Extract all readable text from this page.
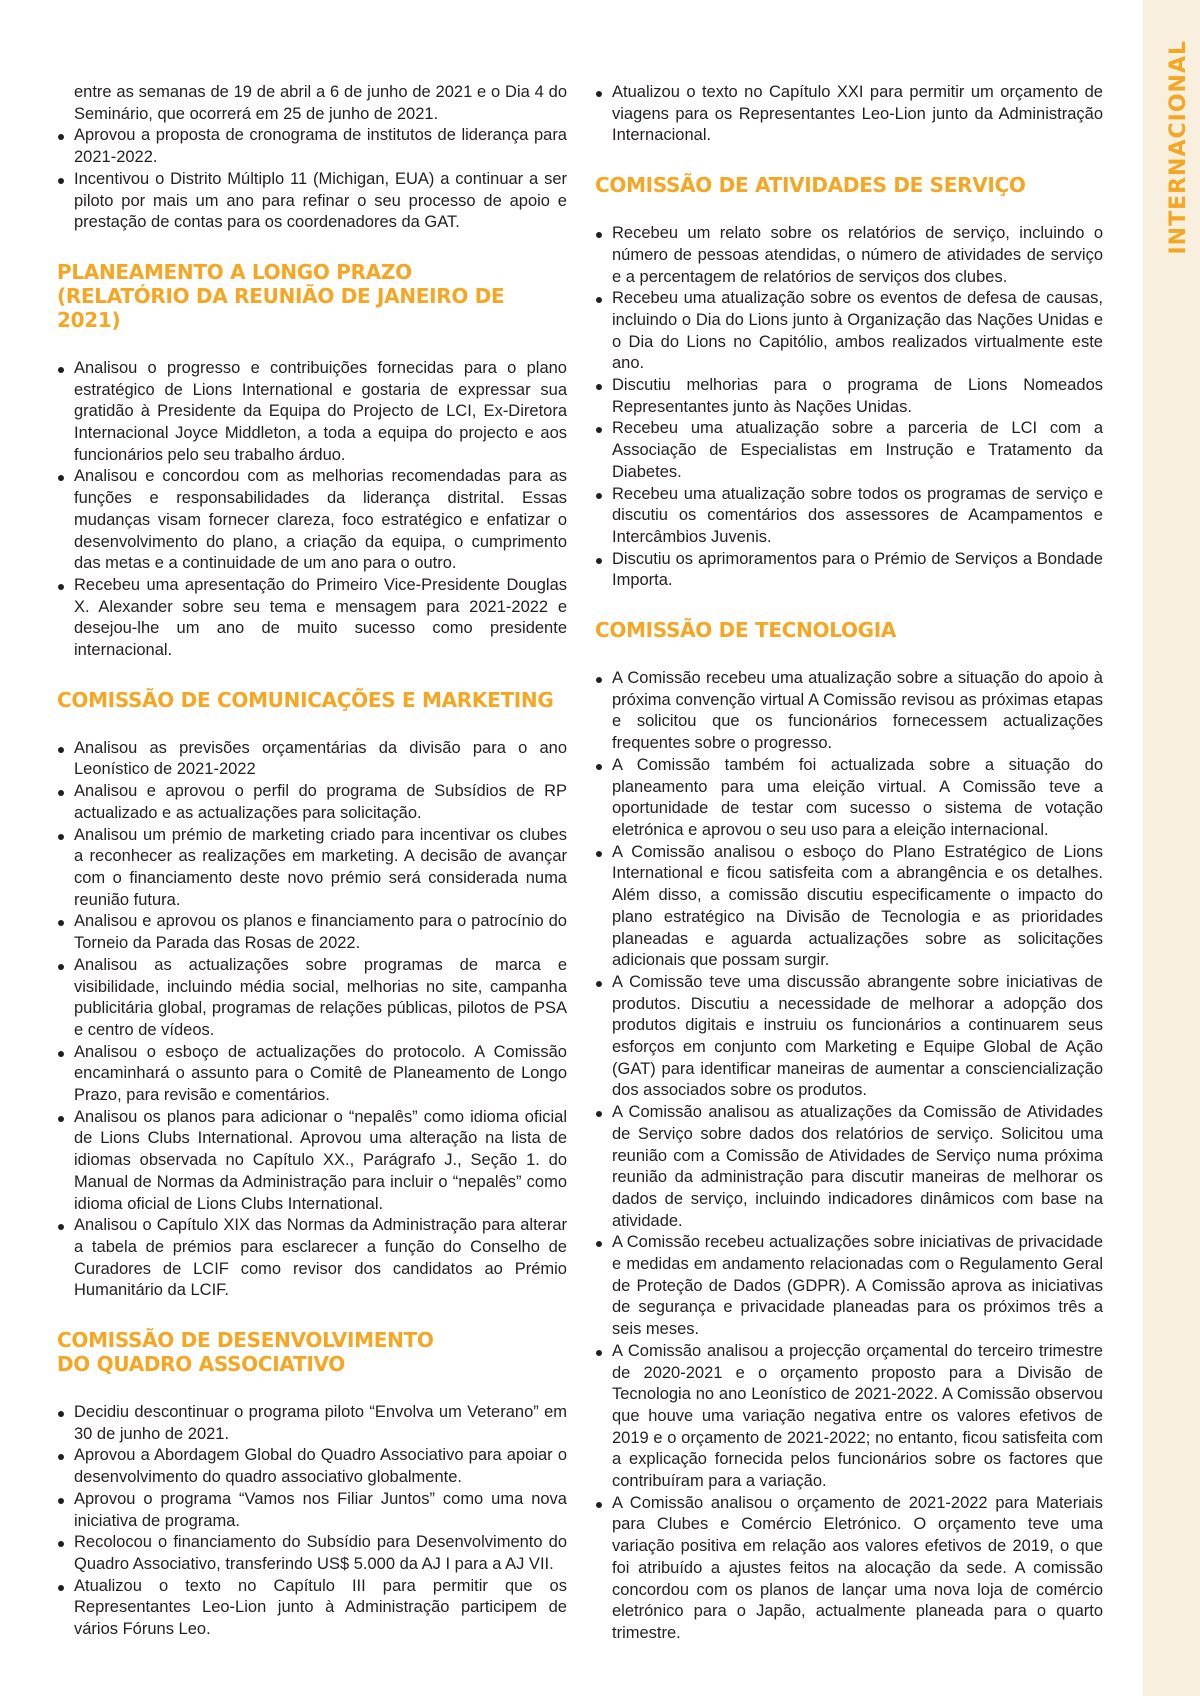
INTERNACIONAL

entre as semanas de 19 de abril a 6 de junho de 2021 e o Dia 4 do Seminário, que ocorrerá em 25 de junho de 2021.

Aprovou a proposta de cronograma de institutos de liderança para 2021-2022.
Incentivou o Distrito Múltiplo 11 (Michigan, EUA) a continuar a ser piloto por mais um ano para refinar o seu processo de apoio e prestação de contas para os coordenadores da GAT.
PLANEAMENTO A LONGO PRAZO
(RELATÓRIO DA REUNIÃO DE JANEIRO DE 2021)
Analisou o progresso e contribuições fornecidas para o plano estratégico de Lions International e gostaria de expressar sua gratidão à Presidente da Equipa do Projecto de LCI, Ex-Diretora Internacional Joyce Middleton, a toda a equipa do projecto e aos funcionários pelo seu trabalho árduo.
Analisou e concordou com as melhorias recomendadas para as funções e responsabilidades da liderança distrital. Essas mudanças visam fornecer clareza, foco estratégico e enfatizar o desenvolvimento do plano, a criação da equipa, o cumprimento das metas e a continuidade de um ano para o outro.
Recebeu uma apresentação do Primeiro Vice-Presidente Douglas X. Alexander sobre seu tema e mensagem para 2021-2022 e desejou-lhe um ano de muito sucesso como presidente internacional.
COMISSÃO DE COMUNICAÇÕES E MARKETING
Analisou as previsões orçamentárias da divisão para o ano Leonístico de 2021-2022
Analisou e aprovou o perfil do programa de Subsídios de RP actualizado e as actualizações para solicitação.
Analisou um prémio de marketing criado para incentivar os clubes a reconhecer as realizações em marketing. A decisão de avançar com o financiamento deste novo prémio será considerada numa reunião futura.
Analisou e aprovou os planos e financiamento para o patrocínio do Torneio da Parada das Rosas de 2022.
Analisou as actualizações sobre programas de marca e visibilidade, incluindo média social, melhorias no site, campanha publicitária global, programas de relações públicas, pilotos de PSA e centro de vídeos.
Analisou o esboço de actualizações do protocolo. A Comissão encaminhará o assunto para o Comitê de Planeamento de Longo Prazo, para revisão e comentários.
Analisou os planos para adicionar o “nepalês” como idioma oficial de Lions Clubs International. Aprovou uma alteração na lista de idiomas observada no Capítulo XX., Parágrafo J., Seção 1. do Manual de Normas da Administração para incluir o “nepalês” como idioma oficial de Lions Clubs International.
Analisou o Capítulo XIX das Normas da Administração para alterar a tabela de prémios para esclarecer a função do Conselho de Curadores de LCIF como revisor dos candidatos ao Prémio Humanitário da LCIF.
COMISSÃO DE DESENVOLVIMENTO
DO QUADRO ASSOCIATIVO
Decidiu descontinuar o programa piloto “Envolva um Veterano” em 30 de junho de 2021.
Aprovou a Abordagem Global do Quadro Associativo para apoiar o desenvolvimento do quadro associativo globalmente.
Aprovou o programa “Vamos nos Filiar Juntos” como uma nova iniciativa de programa.
Recolocou o financiamento do Subsídio para Desenvolvimento do Quadro Associativo, transferindo US$ 5.000 da AJ I para a AJ VII.
Atualizou o texto no Capítulo III para permitir que os Representantes Leo-Lion junto à Administração participem de vários Fóruns Leo.
Atualizou o texto no Capítulo XXI para permitir um orçamento de viagens para os Representantes Leo-Lion junto da Administração Internacional.
COMISSÃO DE ATIVIDADES DE SERVIÇO
Recebeu um relato sobre os relatórios de serviço, incluindo o número de pessoas atendidas, o número de atividades de serviço e a percentagem de relatórios de serviços dos clubes.
Recebeu uma atualização sobre os eventos de defesa de causas, incluindo o Dia do Lions junto à Organização das Nações Unidas e o Dia do Lions no Capitólio, ambos realizados virtualmente este ano.
Discutiu melhorias para o programa de Lions Nomeados Representantes junto às Nações Unidas.
Recebeu uma atualização sobre a parceria de LCI com a Associação de Especialistas em Instrução e Tratamento da Diabetes.
Recebeu uma atualização sobre todos os programas de serviço e discutiu os comentários dos assessores de Acampamentos e Intercâmbios Juvenis.
Discutiu os aprimoramentos para o Prémio de Serviços a Bondade Importa.
COMISSÃO DE TECNOLOGIA
A Comissão recebeu uma atualização sobre a situação do apoio à próxima convenção virtual A Comissão revisou as próximas etapas e solicitou que os funcionários fornecessem actualizações frequentes sobre o progresso.
A Comissão também foi actualizada sobre a situação do planeamento para uma eleição virtual. A Comissão teve a oportunidade de testar com sucesso o sistema de votação eletrónica e aprovou o seu uso para a eleição internacional.
A Comissão analisou o esboço do Plano Estratégico de Lions International e ficou satisfeita com a abrangência e os detalhes. Além disso, a comissão discutiu especificamente o impacto do plano estratégico na Divisão de Tecnologia e as prioridades planeadas e aguarda actualizações sobre as solicitações adicionais que possam surgir.
A Comissão teve uma discussão abrangente sobre iniciativas de produtos. Discutiu a necessidade de melhorar a adopção dos produtos digitais e instruiu os funcionários a continuarem seus esforços em conjunto com Marketing e Equipe Global de Ação (GAT) para identificar maneiras de aumentar a consciencialização dos associados sobre os produtos.
A Comissão analisou as atualizações da Comissão de Atividades de Serviço sobre dados dos relatórios de serviço. Solicitou uma reunião com a Comissão de Atividades de Serviço numa próxima reunião da administração para discutir maneiras de melhorar os dados de serviço, incluindo indicadores dinâmicos com base na atividade.
A Comissão recebeu actualizações sobre iniciativas de privacidade e medidas em andamento relacionadas com o Regulamento Geral de Proteção de Dados (GDPR). A Comissão aprova as iniciativas de segurança e privacidade planeadas para os próximos três a seis meses.
A Comissão analisou a projecção orçamental do terceiro trimestre de 2020-2021 e o orçamento proposto para a Divisão de Tecnologia no ano Leonístico de 2021-2022. A Comissão observou que houve uma variação negativa entre os valores efetivos de 2019 e o orçamento de 2021-2022; no entanto, ficou satisfeita com a explicação fornecida pelos funcionários sobre os factores que contribuíram para a variação.
A Comissão analisou o orçamento de 2021-2022 para Materiais para Clubes e Comércio Eletrónico. O orçamento teve uma variação positiva em relação aos valores efetivos de 2019, o que foi atribuído a ajustes feitos na alocação da sede. A comissão concordou com os planos de lançar uma nova loja de comércio eletrónico para o Japão, actualmente planeada para o quarto trimestre.
